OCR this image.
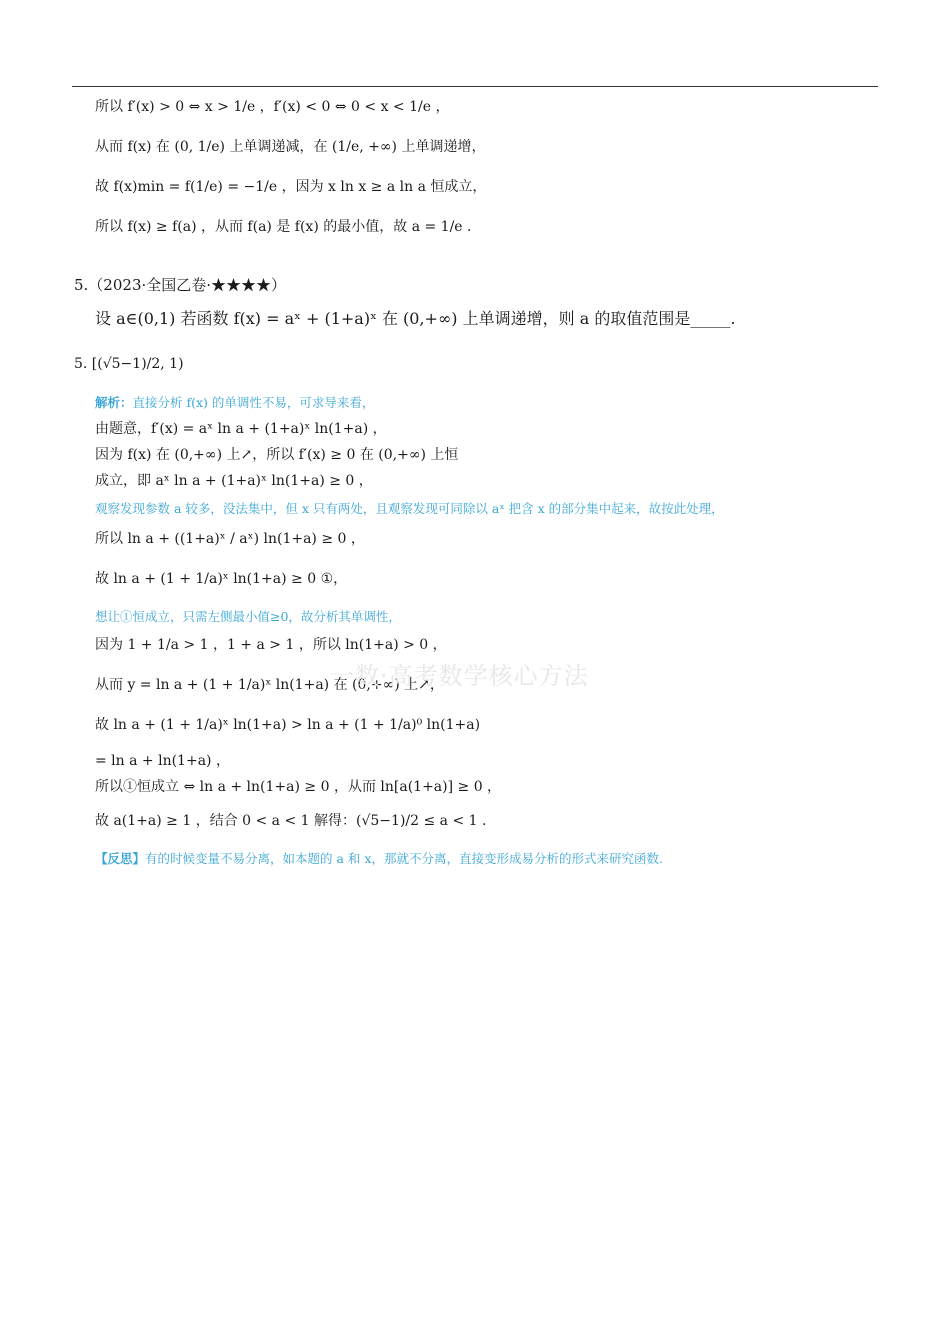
所以 f′(x) > 0 ⇔ x > 1/e ，f′(x) < 0 ⇔ 0 < x < 1/e ，
从而 f(x) 在 (0, 1/e) 上单调递减，在 (1/e, +∞) 上单调递增，
故 f(x)min = f(1/e) = −1/e ，因为 x ln x ≥ a ln a 恒成立，
所以 f(x) ≥ f(a) ，从而 f(a) 是 f(x) 的最小值，故 a = 1/e .
5.（2023·全国乙卷·★★★★）
设 a∈(0,1) 若函数 f(x) = aˣ + (1+a)ˣ 在 (0,+∞) 上单调递增，则 a 的取值范围是_____.
5. [(√5−1)/2, 1)
解析：直接分析 f(x) 的单调性不易，可求导来看，
由题意，f′(x) = aˣ ln a + (1+a)ˣ ln(1+a) ，
因为 f(x) 在 (0,+∞) 上↗，所以 f′(x) ≥ 0 在 (0,+∞) 上恒
成立，即 aˣ ln a + (1+a)ˣ ln(1+a) ≥ 0 ，
观察发现参数 a 较多，没法集中，但 x 只有两处，且观察发现可同除以 aˣ 把含 x 的部分集中起来，故按此处理，
所以 ln a + ((1+a)ˣ / aˣ) ln(1+a) ≥ 0 ，
故 ln a + (1 + 1/a)ˣ ln(1+a) ≥ 0 ①，
想让①恒成立，只需左侧最小值≥0，故分析其单调性，
因为 1 + 1/a > 1 ，1 + a > 1 ，所以 ln(1+a) > 0 ，
从而 y = ln a + (1 + 1/a)ˣ ln(1+a) 在 (0,+∞) 上↗，
故 ln a + (1 + 1/a)ˣ ln(1+a) > ln a + (1 + 1/a)⁰ ln(1+a)
= ln a + ln(1+a) ，
所以①恒成立 ⇔ ln a + ln(1+a) ≥ 0 ，从而 ln[a(1+a)] ≥ 0 ，
故 a(1+a) ≥ 1 ，结合 0 < a < 1 解得：(√5−1)/2 ≤ a < 1 .
【反思】有的时候变量不易分离，如本题的 a 和 x，那就不分离，直接变形成易分析的形式来研究函数.
一数·高考数学核心方法
